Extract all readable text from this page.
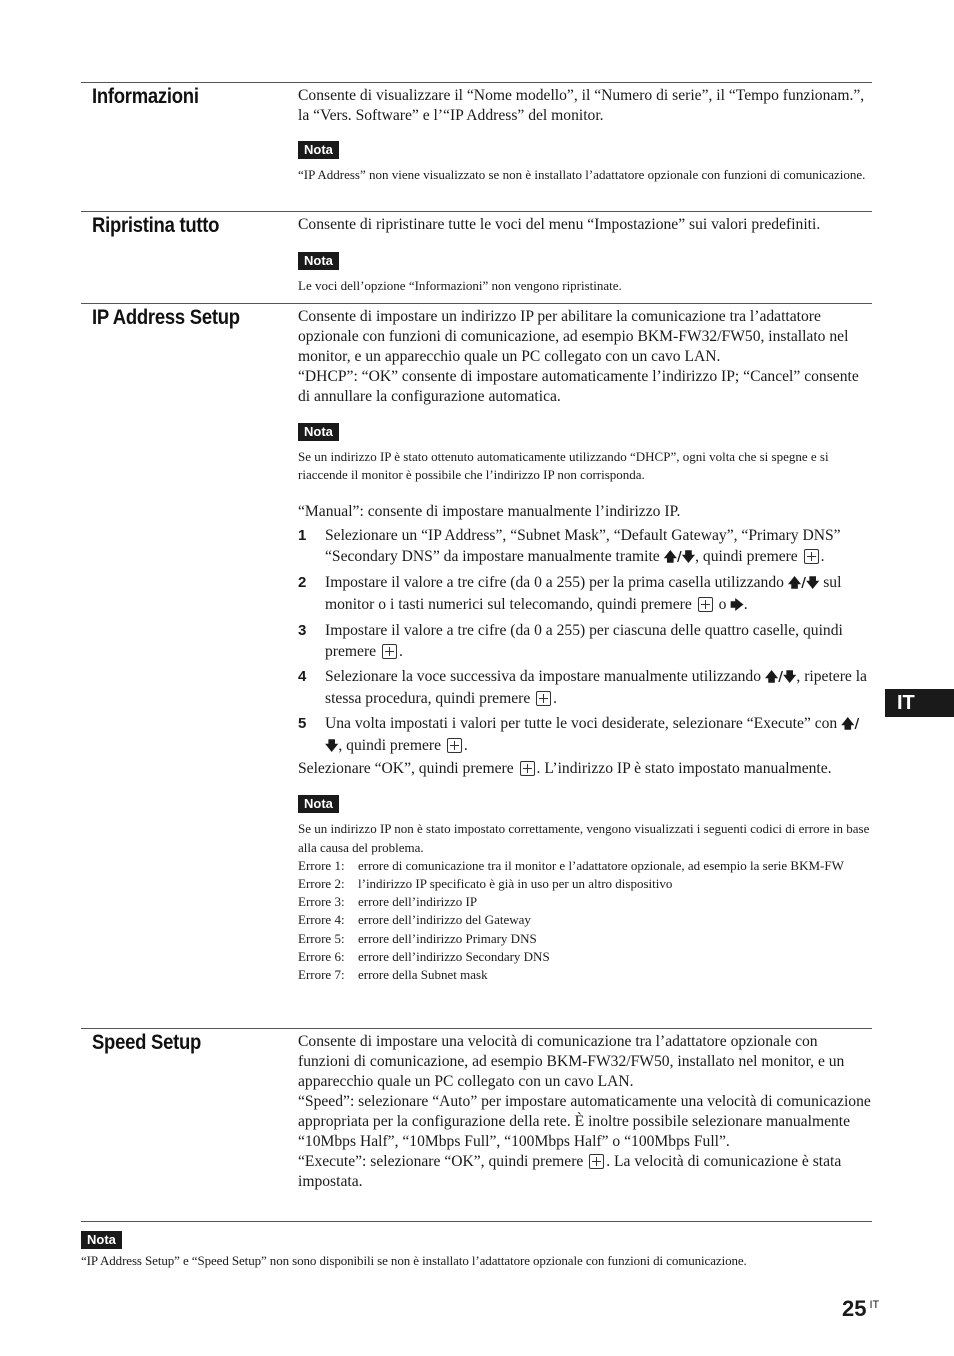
Informazioni	Consente di visualizzare il “Nome modello”, il “Numero di serie”, il “Tempo funzionam.”, la “Vers. Software” e l’“IP Address” del monitor.

Nota

“IP Address” non viene visualizzato se non è installato l’adattatore opzionale con funzioni di comunicazione.

Ripristina tutto	Consente di ripristinare tutte le voci del menu “Impostazione” sui valori predefiniti.

Nota

Le voci dell’opzione “Informazioni” non vengono ripristinate.

IP Address Setup	Consente di impostare un indirizzo IP per abilitare la comunicazione tra l’adattatore opzionale con funzioni di comunicazione, ad esempio BKM-FW32/FW50, installato nel monitor, e un apparecchio quale un PC collegato con un cavo LAN.

“DHCP”: “OK” consente di impostare automaticamente l’indirizzo IP; “Cancel” consente di annullare la configurazione automatica.

Nota

Se un indirizzo IP è stato ottenuto automaticamente utilizzando “DHCP”, ogni volta che si spegne e si riaccende il monitor è possibile che l’indirizzo IP non corrisponda.

“Manual”: consente di impostare manualmente l’indirizzo IP.

1 Selezionare un “IP Address”, “Subnet Mask”, “Default Gateway”, “Primary DNS” “Secondary DNS” da impostare manualmente tramite 🡅/🡇, quindi premere .
2 Impostare il valore a tre cifre (da 0 a 255) per la prima casella utilizzando 🡅/🡇 sul monitor o i tasti numerici sul telecomando, quindi premere  o 🡆.
3 Impostare il valore a tre cifre (da 0 a 255) per ciascuna delle quattro caselle, quindi premere .
4 Selezionare la voce successiva da impostare manualmente utilizzando 🡅/🡇, ripetere la stessa procedura, quindi premere .
5 Una volta impostati i valori per tutte le voci desiderate, selezionare “Execute” con 🡅/🡇, quindi premere .

Selezionare “OK”, quindi premere . L’indirizzo IP è stato impostato manualmente.

Nota

Se un indirizzo IP non è stato impostato correttamente, vengono visualizzati i seguenti codici di errore in base alla causa del problema.

Errore 1: errore di comunicazione tra il monitor e l’adattatore opzionale, ad esempio la serie BKM-FW
Errore 2: l’indirizzo IP specificato è già in uso per un altro dispositivo
Errore 3: errore dell’indirizzo IP
Errore 4: errore dell’indirizzo del Gateway
Errore 5: errore dell’indirizzo Primary DNS
Errore 6: errore dell’indirizzo Secondary DNS
Errore 7: errore della Subnet mask
Speed Setup	Consente di impostare una velocità di comunicazione tra l’adattatore opzionale con funzioni di comunicazione, ad esempio BKM-FW32/FW50, installato nel monitor, e un apparecchio quale un PC collegato con un cavo LAN.

“Speed”: selezionare “Auto” per impostare automaticamente una velocità di comunicazione appropriata per la configurazione della rete. È inoltre possibile selezionare manualmente “10Mbps Half”, “10Mbps Full”, “100Mbps Half” o “100Mbps Full”.

“Execute”: selezionare “OK”, quindi premere . La velocità di comunicazione è stata impostata.

Nota

“IP Address Setup” e “Speed Setup” non sono disponibili se non è installato l’adattatore opzionale con funzioni di comunicazione.

IT
25 $^{IT}$
